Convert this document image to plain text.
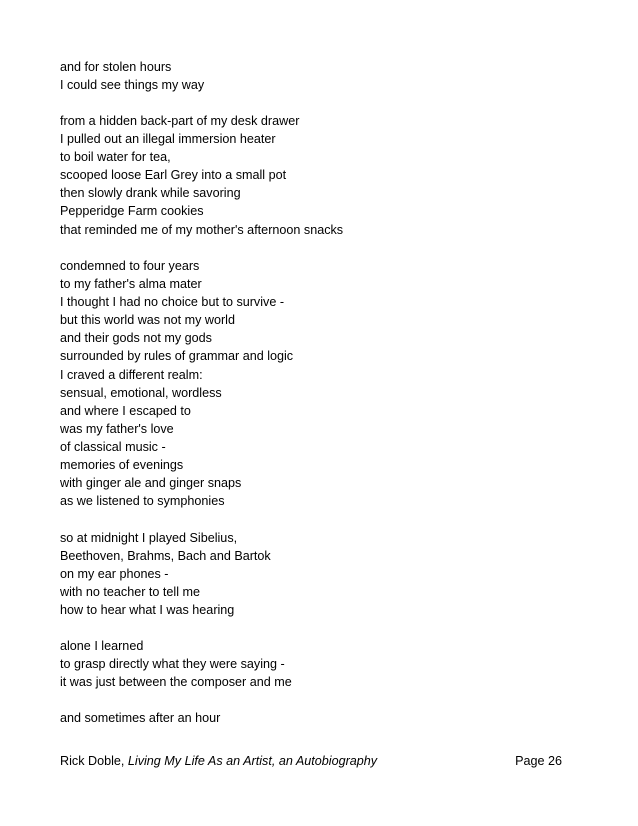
and for stolen hours
I could see things my way
from a hidden back-part of my desk drawer
I pulled out an illegal immersion heater
to boil water for tea,
scooped loose Earl Grey into a small pot
then slowly drank while savoring
Pepperidge Farm cookies
that reminded me of my mother's afternoon snacks
condemned to four years
to my father's alma mater
I thought I had no choice but to survive -
but this world was not my world
and their gods not my gods
surrounded by rules of grammar and logic
I craved a different realm:
sensual, emotional, wordless
and where I escaped to
was my father's love
of classical music -
memories of evenings
with ginger ale and ginger snaps
as we listened to symphonies
so at midnight I played Sibelius,
Beethoven, Brahms, Bach and Bartok
on my ear phones -
with no teacher to tell me
how to hear what I was hearing
alone I learned
to grasp directly what they were saying -
it was just between the composer and me
and sometimes after an hour
Rick Doble, Living My Life As an Artist, an Autobiography	Page 26
